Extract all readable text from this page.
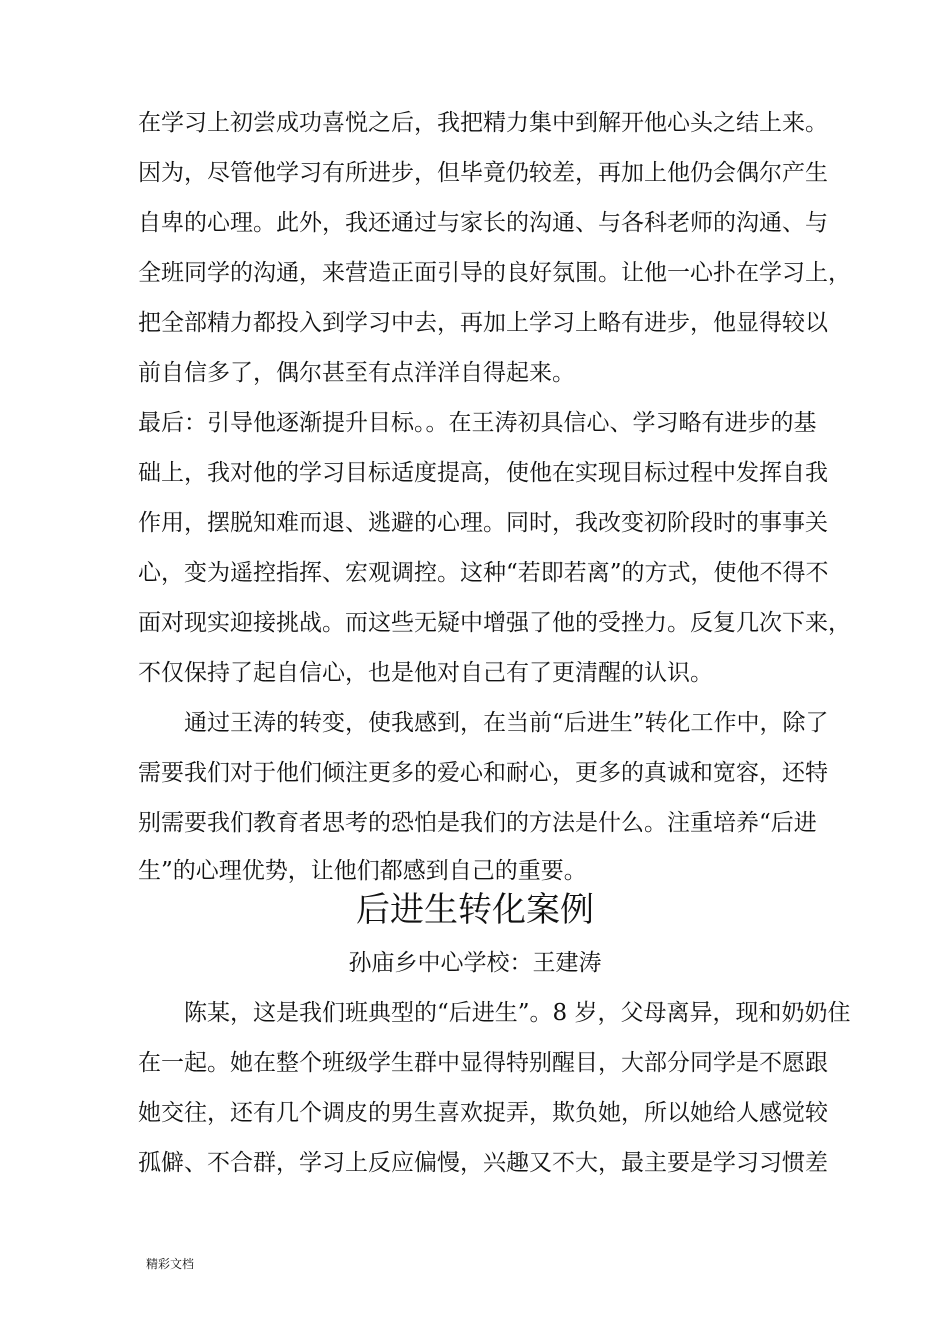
在学习上初尝成功喜悦之后，我把精力集中到解开他心头之结上来。
因为，尽管他学习有所进步，但毕竟仍较差，再加上他仍会偶尔产生
自卑的心理。此外，我还通过与家长的沟通、与各科老师的沟通、与
全班同学的沟通，来营造正面引导的良好氛围。让他一心扑在学习上，
把全部精力都投入到学习中去，再加上学习上略有进步，他显得较以
前自信多了，偶尔甚至有点洋洋自得起来。
最后：引导他逐渐提升目标。。在王涛初具信心、学习略有进步的基
础上，我对他的学习目标适度提高，使他在实现目标过程中发挥自我
作用，摆脱知难而退、逃避的心理。同时，我改变初阶段时的事事关
心，变为遥控指挥、宏观调控。这种“若即若离”的方式，使他不得不
面对现实迎接挑战。而这些无疑中增强了他的受挫力。反复几次下来，
不仅保持了起自信心，也是他对自己有了更清醒的认识。
通过王涛的转变，使我感到，在当前“后进生”转化工作中，除了
需要我们对于他们倾注更多的爱心和耐心，更多的真诚和宽容，还特
别需要我们教育者思考的恐怕是我们的方法是什么。注重培养“后进
生”的心理优势，让他们都感到自己的重要。
后进生转化案例
孙庙乡中心学校：王建涛
陈某，这是我们班典型的“后进生”。8 岁，父母离异，现和奶奶住
在一起。她在整个班级学生群中显得特别醒目，大部分同学是不愿跟
她交往，还有几个调皮的男生喜欢捉弄，欺负她，所以她给人感觉较
孤僻、不合群，学习上反应偏慢，兴趣又不大，最主要是学习习惯差
精彩文档
